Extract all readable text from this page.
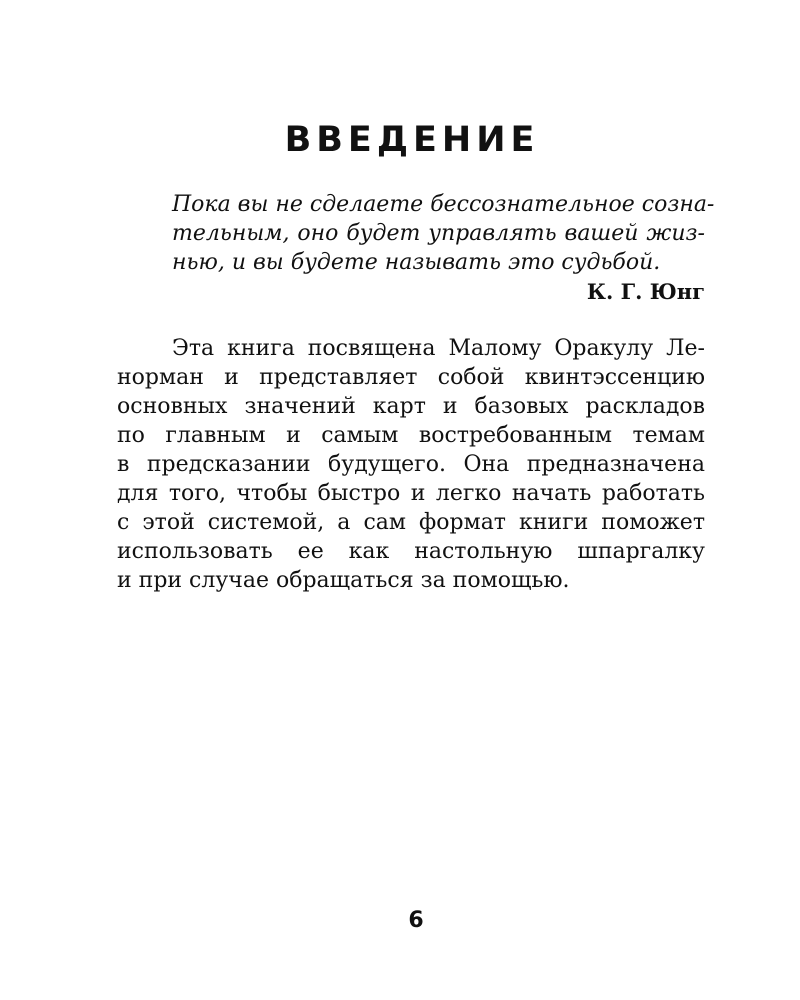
ВВЕДЕНИЕ
Пока вы не сделаете бессознательное созна-
тельным, оно будет управлять вашей жиз-
нью, и вы будете называть это судьбой.
К. Г. Юнг
Эта книга посвящена Малому Оракулу Ле-
норман и представляет собой квинтэссенцию
основных значений карт и базовых раскладов
по главным и самым востребованным темам
в предсказании будущего. Она предназначена
для того, чтобы быстро и легко начать работать
с этой системой, а сам формат книги поможет
использовать ее как настольную шпаргалку
и при случае обращаться за помощью.
6
